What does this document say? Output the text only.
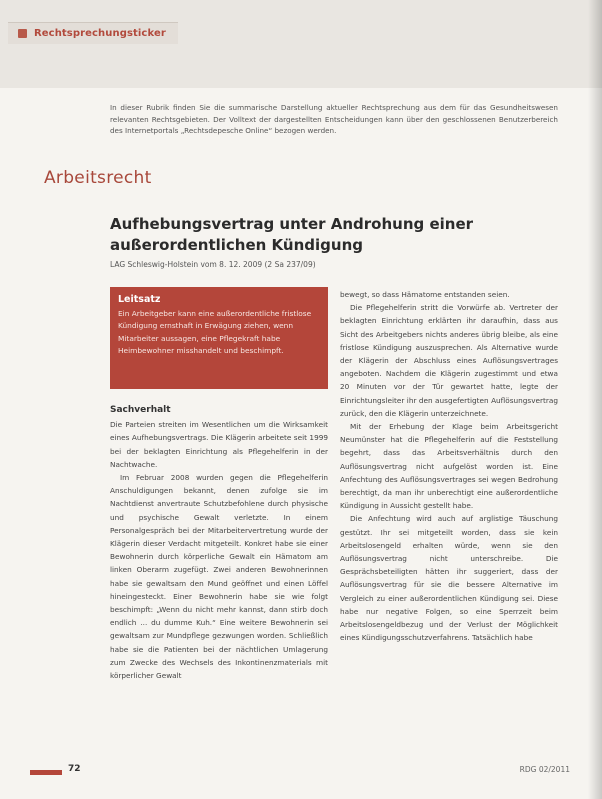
Rechtsprechungsticker

In dieser Rubrik finden Sie die summarische Darstellung aktueller Rechtsprechung aus dem für das Gesundheitswesen relevanten Rechtsgebieten. Der Volltext der dargestellten Entscheidungen kann über den geschlossenen Benutzerbereich des Internetportals „Rechtsdepesche Online“ bezogen werden.

Arbeitsrecht
Aufhebungsvertrag unter Androhung einer außerordentlichen Kündigung
LAG Schleswig-Holstein vom 8. 12. 2009 (2 Sa 237/09)
Leitsatz
Ein Arbeitgeber kann eine außerordentliche fristlose Kündigung ernsthaft in Erwägung ziehen, wenn Mitarbeiter aussagen, eine Pflegekraft habe Heimbewohner misshandelt und beschimpft.
Sachverhalt

Die Parteien streiten im Wesentlichen um die Wirksamkeit eines Aufhebungsvertrags. Die Klägerin arbeitete seit 1999 bei der beklagten Einrichtung als Pflegehelferin in der Nachtwache.

Im Februar 2008 wurden gegen die Pflegehelferin Anschuldigungen bekannt, denen zufolge sie im Nachtdienst anvertraute Schutzbefohlene durch physische und psychische Gewalt verletzte. In einem Personalgespräch bei der Mitarbeitervertretung wurde der Klägerin dieser Verdacht mitgeteilt. Konkret habe sie einer Bewohnerin durch körperliche Gewalt ein Hämatom am linken Oberarm zugefügt. Zwei anderen Bewohnerinnen habe sie gewaltsam den Mund geöffnet und einen Löffel hineingesteckt. Einer Bewohnerin habe sie wie folgt beschimpft: „Wenn du nicht mehr kannst, dann stirb doch endlich ... du dumme Kuh.“ Eine weitere Bewohnerin sei gewaltsam zur Mundpflege gezwungen worden. Schließlich habe sie die Patienten bei der nächtlichen Umlagerung zum Zwecke des Wechsels des Inkontinenzmaterials mit körperlicher Gewalt

bewegt, so dass Hämatome entstanden seien.

Die Pflegehelferin stritt die Vorwürfe ab. Vertreter der beklagten Einrichtung erklärten ihr daraufhin, dass aus Sicht des Arbeitgebers nichts anderes übrig bleibe, als eine fristlose Kündigung auszusprechen. Als Alternative wurde der Klägerin der Abschluss eines Auflösungsvertrages angeboten. Nachdem die Klägerin zugestimmt und etwa 20 Minuten vor der Tür gewartet hatte, legte der Einrichtungsleiter ihr den ausgefertigten Auflösungsvertrag zurück, den die Klägerin unterzeichnete.

Mit der Erhebung der Klage beim Arbeitsgericht Neumünster hat die Pflegehelferin auf die Feststellung begehrt, dass das Arbeitsverhältnis durch den Auflösungsvertrag nicht aufgelöst worden ist. Eine Anfechtung des Auflösungsvertrages sei wegen Bedrohung berechtigt, da man ihr unberechtigt eine außerordentliche Kündigung in Aussicht gestellt habe.

Die Anfechtung wird auch auf arglistige Täuschung gestützt. Ihr sei mitgeteilt worden, dass sie kein Arbeitslosengeld erhalten würde, wenn sie den Auflösungsvertrag nicht unterschreibe. Die Gesprächsbeteiligten hätten ihr suggeriert, dass der Auflösungsvertrag für sie die bessere Alternative im Vergleich zu einer außerordentlichen Kündigung sei. Diese habe nur negative Folgen, so eine Sperrzeit beim Arbeitslosengeldbezug und der Verlust der Möglichkeit eines Kündigungsschutzverfahrens. Tatsächlich habe

72	RDG 02/2011
